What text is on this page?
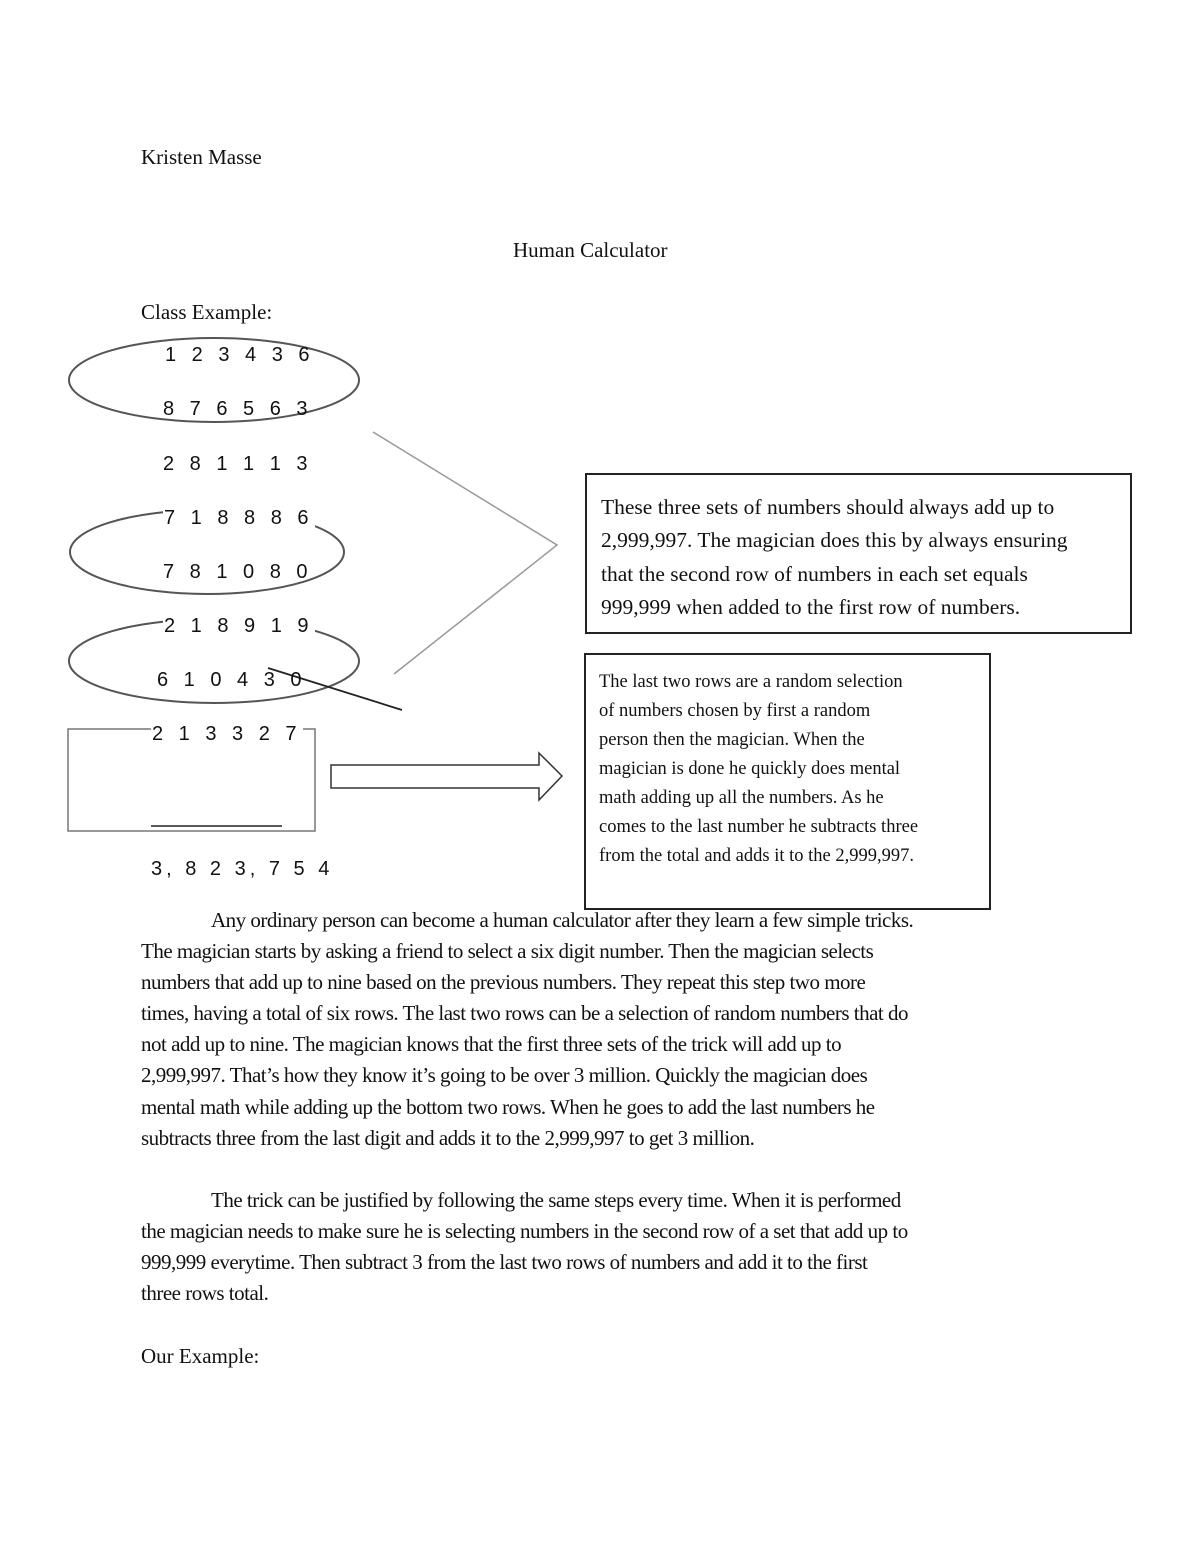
Kristen Masse
Human Calculator
Class Example:
1 2 3 4 3 6
8 7 6 5 6 3
2 8 1 1 1 3
7 1 8 8 8 6
7 8 1 0 8 0
2 1 8 9 1 9
6 1 0 4 3 0
2 1 3 3 2 7
3, 8 2 3, 7 5 4
These three sets of numbers should always add up to
2,999,997. The magician does this by always ensuring
that the second row of numbers in each set equals
999,999 when added to the first row of numbers.
The last two rows are a random selection
of numbers chosen by first a random
person then the magician. When the
magician is done he quickly does mental
math adding up all the numbers. As he
comes to the last number he subtracts three
from the total and adds it to the 2,999,997.
Any ordinary person can become a human calculator after they learn a few simple tricks.
The magician starts by asking a friend to select a six digit number. Then the magician selects
numbers that add up to nine based on the previous numbers. They repeat this step two more
times, having a total of six rows. The last two rows can be a selection of random numbers that do
not add up to nine. The magician knows that the first three sets of the trick will add up to
2,999,997. That’s how they know it’s going to be over 3 million. Quickly the magician does
mental math while adding up the bottom two rows. When he goes to add the last numbers he
subtracts three from the last digit and adds it to the 2,999,997 to get 3 million.
The trick can be justified by following the same steps every time. When it is performed
the magician needs to make sure he is selecting numbers in the second row of a set that add up to
999,999 everytime. Then subtract 3 from the last two rows of numbers and add it to the first
three rows total.
Our Example:
